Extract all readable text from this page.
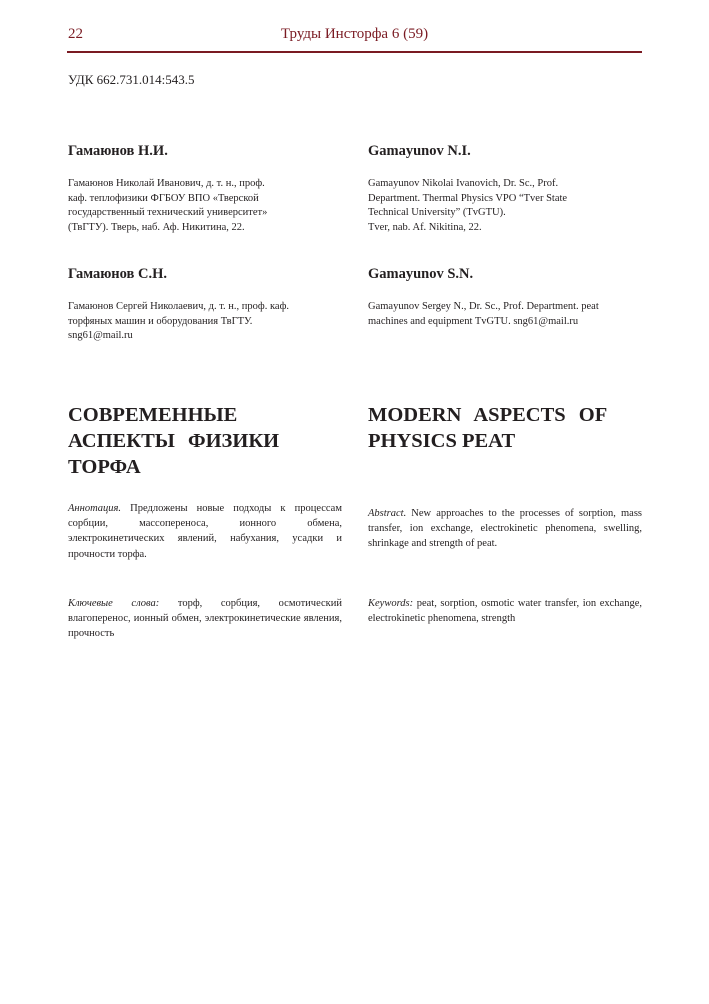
22	Труды Инсторфа 6 (59)
УДК 662.731.014:543.5
Гамаюнов Н.И.
Гамаюнов Николай Иванович, д. т. н., проф.
каф. теплофизики ФГБОУ ВПО «Тверской
государственный технический университет»
(ТвГТУ). Тверь, наб. Аф. Никитина, 22.
Gamayunov N.I.
Gamayunov Nikolai Ivanovich, Dr. Sc., Prof.
Department. Thermal Physics VPO “Tver State
Technical University” (TvGTU).
Tver, nab. Af. Nikitina, 22.
Гамаюнов С.Н.
Гамаюнов Сергей Николаевич, д. т. н., проф. каф.
торфяных машин и оборудования ТвГТУ.
sng61@mail.ru
Gamayunov S.N.
Gamayunov Sergey N., Dr. Sc., Prof. Department. peat
machines and equipment TvGTU. sng61@mail.ru
СОВРЕМЕННЫЕ
АСПЕКТЫ ФИЗИКИ
ТОРФА
MODERN ASPECTS OF
PHYSICS PEAT
Аннотация. Предложены новые подходы к процессам сорбции, массопереноса, ионного обмена, электрокинетических явлений, набухания, усадки и прочности торфа.
Abstract. New approaches to the processes of sorption, mass transfer, ion exchange, electrokinetic phenomena, swelling, shrinkage and strength of peat.
Ключевые слова: торф, сорбция, осмотический влагоперенос, ионный обмен, электрокинетические явления, прочность
Keywords: peat, sorption, osmotic water transfer, ion exchange, electrokinetic phenomena, strength
